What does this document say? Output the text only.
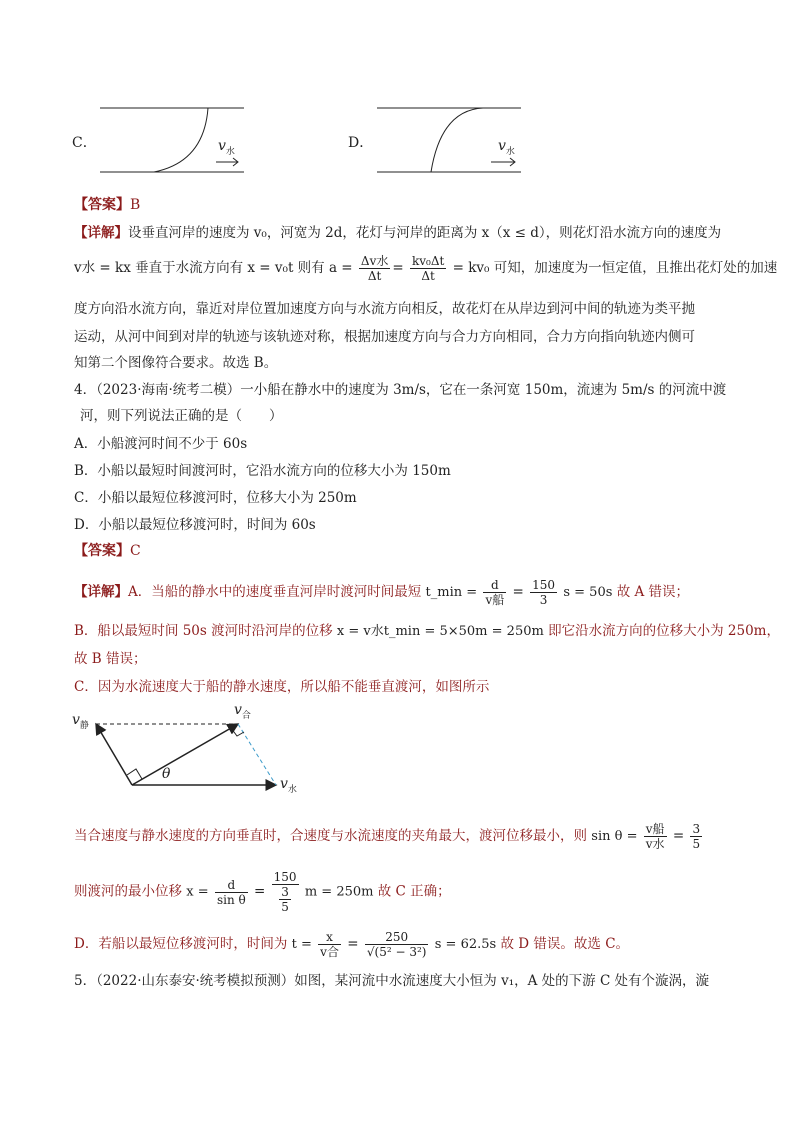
C．	$v_水$
D．	$v_水$
【答案】B
【详解】设垂直河岸的速度为 v₀，河宽为 2d，花灯与河岸的距离为 x（x ≤ d），则花灯沿水流方向的速度为
v水 = kx 垂直于水流方向有 x = v₀t 则有 $a = \frac{\text{Δv水}}{\Delta t} = \frac{\text{kv₀Δt}}{\Delta t} = kv_0$ 可知，加速度为一恒定值，且推出花灯处的加速
度方向沿水流方向，靠近对岸位置加速度方向与水流方向相反，故花灯在从岸边到河中间的轨迹为类平抛
运动，从河中间到对岸的轨迹与该轨迹对称，根据加速度方向与合力方向相同，合力方向指向轨迹内侧可
知第二个图像符合要求。故选 B。
4．（2023·海南·统考二模）一小船在静水中的速度为 3m/s，它在一条河宽 150m，流速为 5m/s 的河流中渡
河，则下列说法正确的是（　　）
A．小船渡河时间不少于 60s
B．小船以最短时间渡河时，它沿水流方向的位移大小为 150m
C．小船以最短位移渡河时，位移大小为 250m
D．小船以最短位移渡河时，时间为 60s
【答案】C
【详解】A．当船的静水中的速度垂直河岸时渡河时间最短 t_min = $\frac{d}{\text{v船}} = \frac{150}{3}$ s = 50s 故 A 错误；
B．船以最短时间 50s 渡河时沿河岸的位移 x = v水t_min = 5×50m = 250m 即它沿水流方向的位移大小为 250m，
故 B 错误；
C．因为水流速度大于船的静水速度，所以船不能垂直渡河，如图所示
$v_静$
$v_合$
$v_水$
θ
当合速度与静水速度的方向垂直时，合速度与水流速度的夹角最大，渡河位移最小，则 $\sin \theta = \frac{\text{v船}}{\text{v水}} = \frac{3}{5}$
则渡河的最小位移 $x = \frac{d}{\text{sin θ}} = \frac{150}{\frac{3}{5}}$ m = 250m 故 C 正确；
D．若船以最短位移渡河时，时间为 $t = \frac{x}{\text{v合}} = \frac{250}{\text{√(5² − 3²)}}$ s = 62.5s 故 D 错误。故选 C。
5．（2022·山东泰安·统考模拟预测）如图，某河流中水流速度大小恒为 v₁，A 处的下游 C 处有个漩涡，漩
